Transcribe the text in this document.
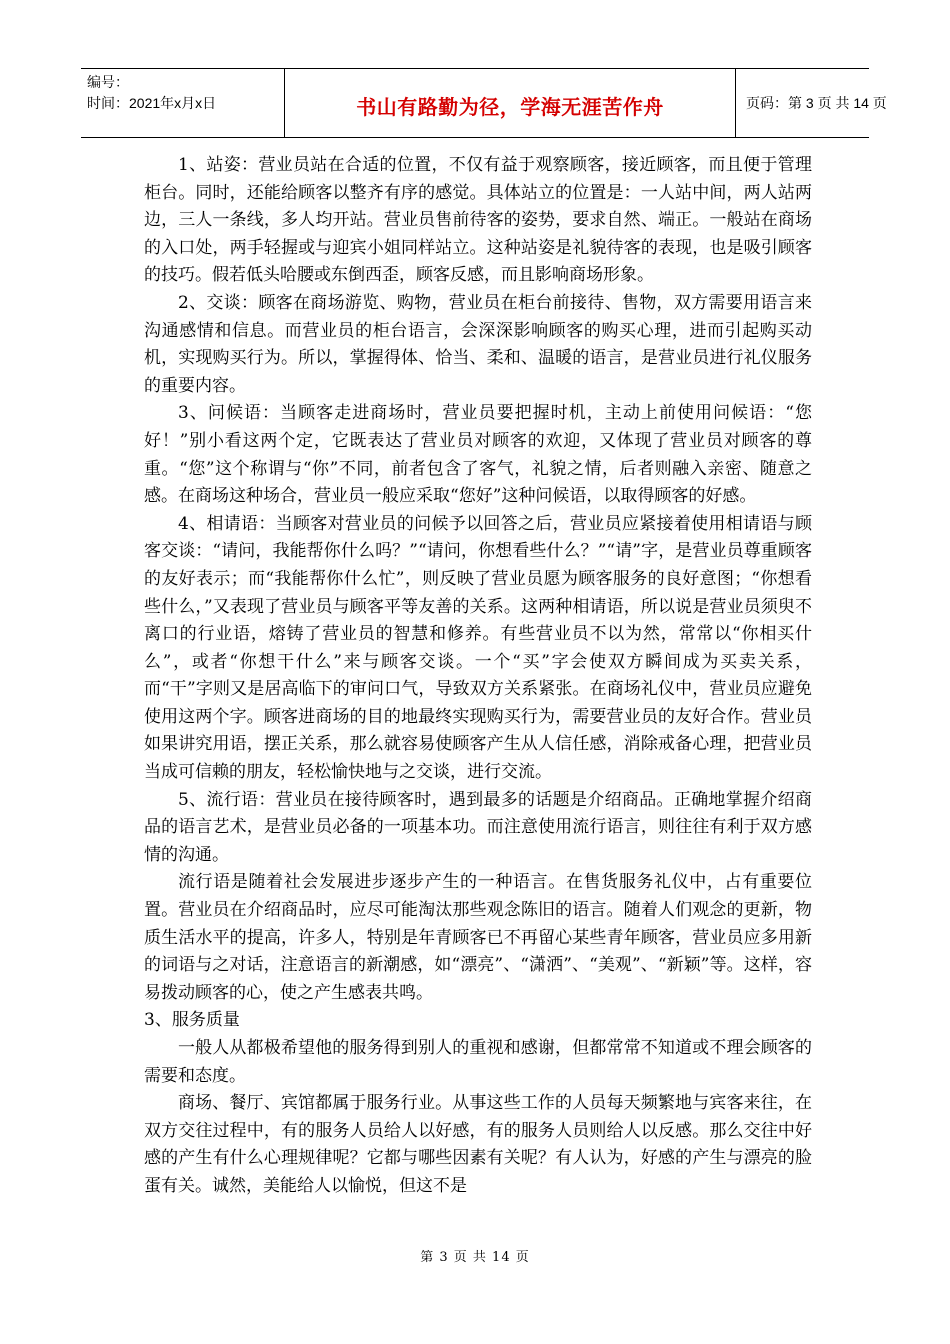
编号：
时间：2021年x月x日	书山有路勤为径，学海无涯苦作舟	页码：第 3 页 共 14 页

1、站姿：营业员站在合适的位置，不仅有益于观察顾客，接近顾客，而且便于管理柜台。同时，还能给顾客以整齐有序的感觉。具体站立的位置是：一人站中间，两人站两边，三人一条线，多人均开站。营业员售前待客的姿势，要求自然、端正。一般站在商场的入口处，两手轻握或与迎宾小姐同样站立。这种站姿是礼貌待客的表现，也是吸引顾客的技巧。假若低头哈腰或东倒西歪，顾客反感，而且影响商场形象。

2、交谈：顾客在商场游览、购物，营业员在柜台前接待、售物，双方需要用语言来沟通感情和信息。而营业员的柜台语言，会深深影响顾客的购买心理，进而引起购买动机，实现购买行为。所以，掌握得体、恰当、柔和、温暖的语言，是营业员进行礼仪服务的重要内容。

3、问候语：当顾客走进商场时，营业员要把握时机，主动上前使用问候语：“您好！”别小看这两个定，它既表达了营业员对顾客的欢迎，又体现了营业员对顾客的尊重。“您”这个称谓与“你”不同，前者包含了客气，礼貌之情，后者则融入亲密、随意之感。在商场这种场合，营业员一般应采取“您好”这种问候语，以取得顾客的好感。

4、相请语：当顾客对营业员的问候予以回答之后，营业员应紧接着使用相请语与顾客交谈：“请问，我能帮你什么吗？”“请问，你想看些什么？”“请”字，是营业员尊重顾客的友好表示；而“我能帮你什么忙”，则反映了营业员愿为顾客服务的良好意图；“你想看些什么，”又表现了营业员与顾客平等友善的关系。这两种相请语，所以说是营业员须臾不离口的行业语，熔铸了营业员的智慧和修养。有些营业员不以为然，常常以“你相买什么”，或者“你想干什么”来与顾客交谈。一个“买”字会使双方瞬间成为买卖关系，而“干”字则又是居高临下的审问口气，导致双方关系紧张。在商场礼仪中，营业员应避免使用这两个字。顾客进商场的目的地最终实现购买行为，需要营业员的友好合作。营业员如果讲究用语，摆正关系，那么就容易使顾客产生从人信任感，消除戒备心理，把营业员当成可信赖的朋友，轻松愉快地与之交谈，进行交流。

5、流行语：营业员在接待顾客时，遇到最多的话题是介绍商品。正确地掌握介绍商品的语言艺术，是营业员必备的一项基本功。而注意使用流行语言，则往往有利于双方感情的沟通。

流行语是随着社会发展进步逐步产生的一种语言。在售货服务礼仪中，占有重要位置。营业员在介绍商品时，应尽可能淘汰那些观念陈旧的语言。随着人们观念的更新，物质生活水平的提高，许多人，特别是年青顾客已不再留心某些青年顾客，营业员应多用新的词语与之对话，注意语言的新潮感，如“漂亮”、“潇洒”、“美观”、“新颖”等。这样，容易拨动顾客的心，使之产生感表共鸣。

3、服务质量

一般人从都极希望他的服务得到别人的重视和感谢，但都常常不知道或不理会顾客的需要和态度。

商场、餐厅、宾馆都属于服务行业。从事这些工作的人员每天频繁地与宾客来往，在双方交往过程中，有的服务人员给人以好感，有的服务人员则给人以反感。那么交往中好感的产生有什么心理规律呢？它都与哪些因素有关呢？有人认为，好感的产生与漂亮的脸蛋有关。诚然，美能给人以愉悦，但这不是

第 3 页 共 14 页
